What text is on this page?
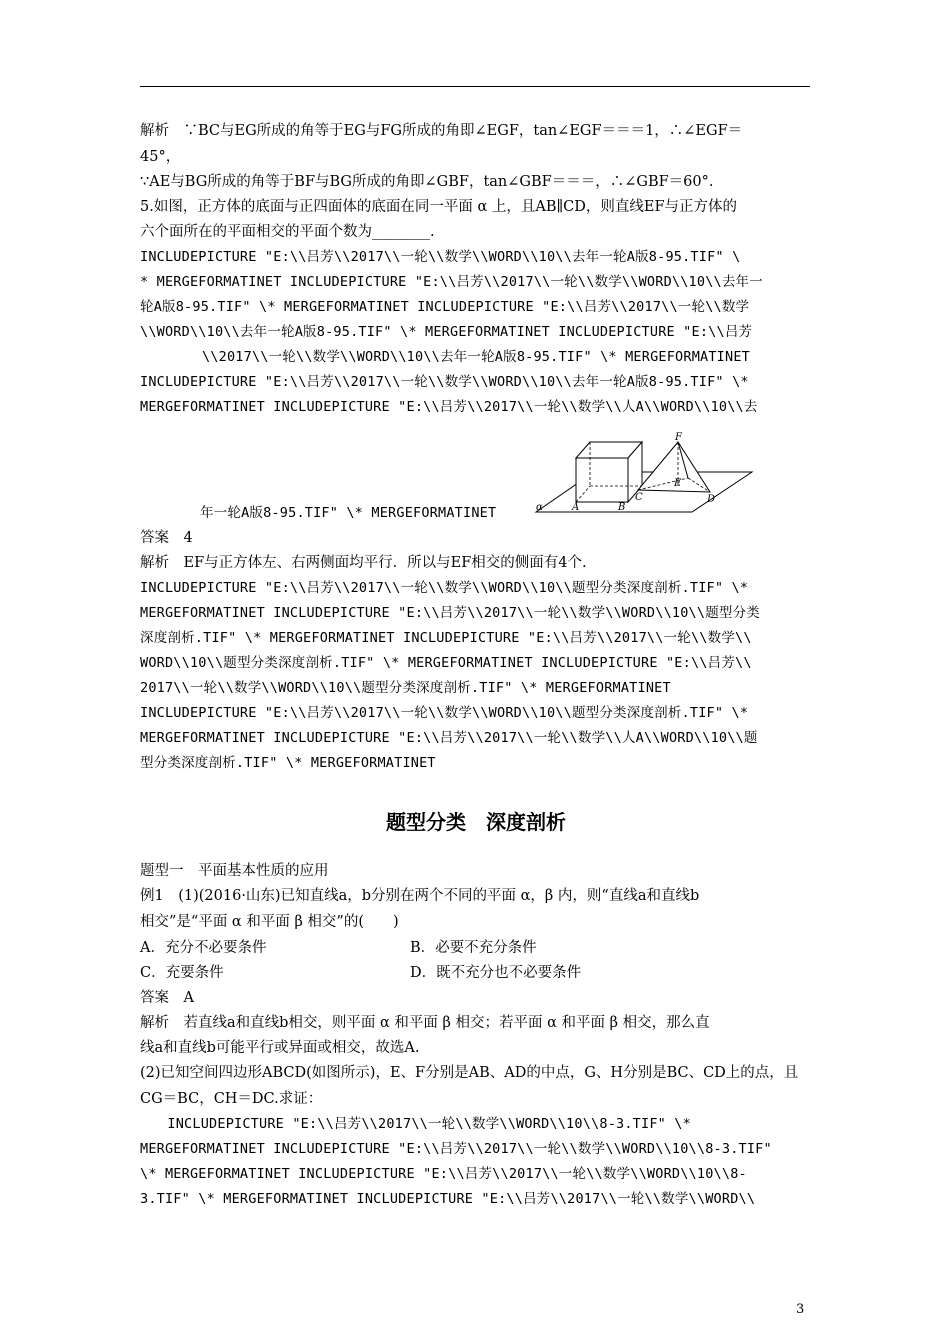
解析　∵BC与EG所成的角等于EG与FG所成的角即∠EGF，tan∠EGF＝＝＝1，∴∠EGF＝
45°，
∵AE与BG所成的角等于BF与BG所成的角即∠GBF，tan∠GBF＝＝＝，∴∠GBF＝60°.
5.如图，正方体的底面与正四面体的底面在同一平面 α 上，且AB∥CD，则直线EF与正方体的
六个面所在的平面相交的平面个数为________.
INCLUDEPICTURE "E:\\吕芳\\2017\\一轮\\数学\\WORD\\10\\去年一轮A版8-95.TIF" \
* MERGEFORMATINET INCLUDEPICTURE "E:\\吕芳\\2017\\一轮\\数学\\WORD\\10\\去年一
轮A版8-95.TIF" \* MERGEFORMATINET INCLUDEPICTURE "E:\\吕芳\\2017\\一轮\\数学
\\WORD\\10\\去年一轮A版8-95.TIF" \* MERGEFORMATINET INCLUDEPICTURE "E:\\吕芳
\\2017\\一轮\\数学\\WORD\\10\\去年一轮A版8-95.TIF" \* MERGEFORMATINET
INCLUDEPICTURE "E:\\吕芳\\2017\\一轮\\数学\\WORD\\10\\去年一轮A版8-95.TIF" \*
MERGEFORMATINET INCLUDEPICTURE "E:\\吕芳\\2017\\一轮\\数学\\人A\\WORD\\10\\去
α	A	B
C	D
E
F
年一轮A版8-95.TIF" \* MERGEFORMATINET
答案　4
解析　EF与正方体左、右两侧面均平行．所以与EF相交的侧面有4个.
INCLUDEPICTURE "E:\\吕芳\\2017\\一轮\\数学\\WORD\\10\\题型分类深度剖析.TIF" \*
MERGEFORMATINET INCLUDEPICTURE "E:\\吕芳\\2017\\一轮\\数学\\WORD\\10\\题型分类
深度剖析.TIF" \* MERGEFORMATINET INCLUDEPICTURE "E:\\吕芳\\2017\\一轮\\数学\\
WORD\\10\\题型分类深度剖析.TIF" \* MERGEFORMATINET INCLUDEPICTURE "E:\\吕芳\\
2017\\一轮\\数学\\WORD\\10\\题型分类深度剖析.TIF" \* MERGEFORMATINET
INCLUDEPICTURE "E:\\吕芳\\2017\\一轮\\数学\\WORD\\10\\题型分类深度剖析.TIF" \*
MERGEFORMATINET INCLUDEPICTURE "E:\\吕芳\\2017\\一轮\\数学\\人A\\WORD\\10\\题
型分类深度剖析.TIF" \* MERGEFORMATINET
题型分类　深度剖析
题型一　平面基本性质的应用
例1　(1)(2016·山东)已知直线a，b分别在两个不同的平面 α，β 内，则“直线a和直线b
相交”是“平面 α 和平面 β 相交”的(　　)
A．充分不必要条件	B．必要不充分条件
C．充要条件	D．既不充分也不必要条件
答案　A
解析　若直线a和直线b相交，则平面 α 和平面 β 相交；若平面 α 和平面 β 相交，那么直
线a和直线b可能平行或异面或相交，故选A.
(2)已知空间四边形ABCD(如图所示)，E、F分别是AB、AD的中点，G、H分别是BC、CD上的点，且
CG＝BC，CH＝DC.求证：
　　INCLUDEPICTURE "E:\\吕芳\\2017\\一轮\\数学\\WORD\\10\\8-3.TIF" \*
MERGEFORMATINET INCLUDEPICTURE "E:\\吕芳\\2017\\一轮\\数学\\WORD\\10\\8-3.TIF"
\* MERGEFORMATINET INCLUDEPICTURE "E:\\吕芳\\2017\\一轮\\数学\\WORD\\10\\8-
3.TIF" \* MERGEFORMATINET INCLUDEPICTURE "E:\\吕芳\\2017\\一轮\\数学\\WORD\\
3
